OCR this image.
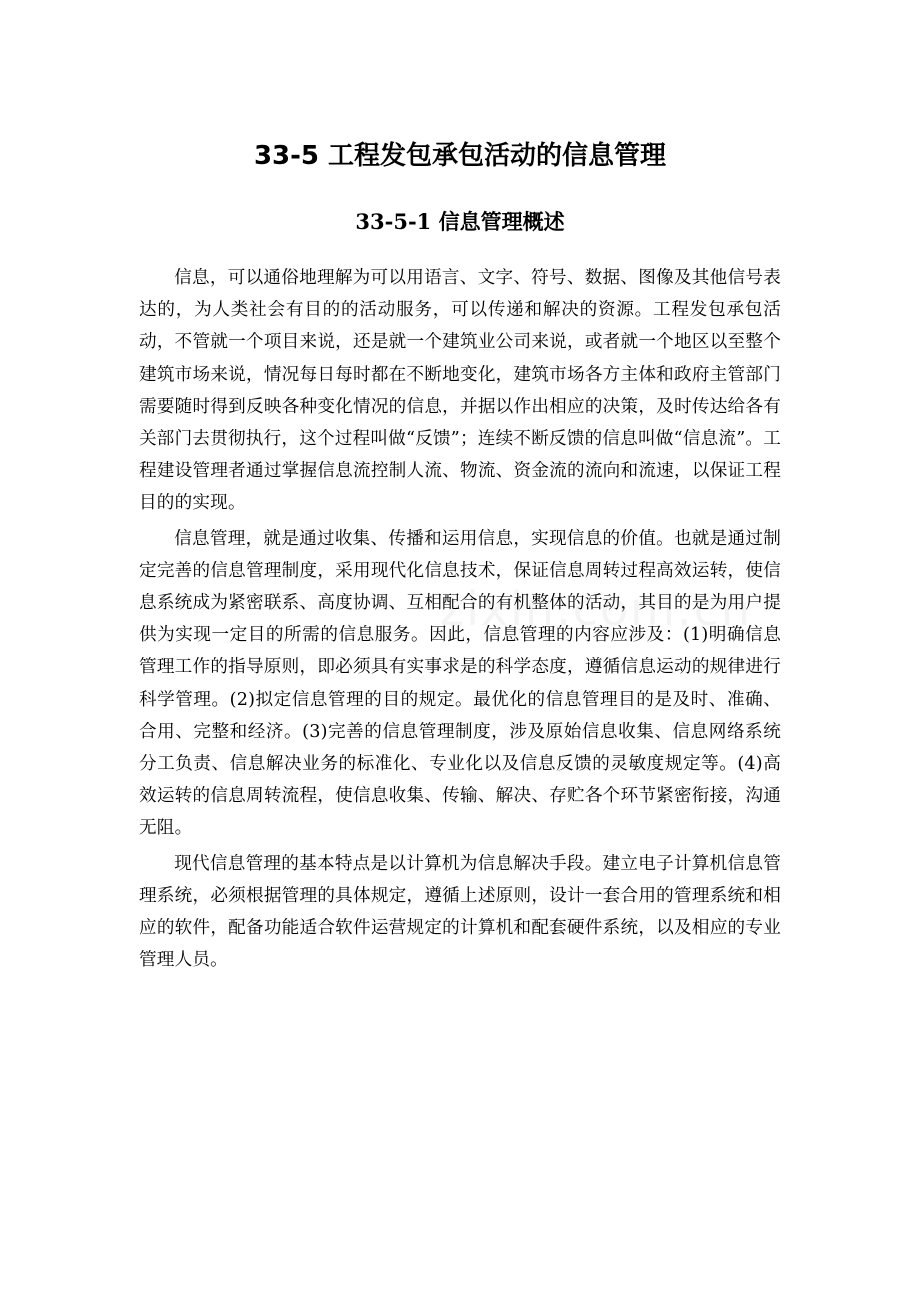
33-5 工程发包承包活动的信息管理
33-5-1 信息管理概述

信息，可以通俗地理解为可以用语言、文字、符号、数据、图像及其他信号表达的，为人类社会有目的的活动服务，可以传递和解决的资源。工程发包承包活动，不管就一个项目来说，还是就一个建筑业公司来说，或者就一个地区以至整个建筑市场来说，情况每日每时都在不断地变化，建筑市场各方主体和政府主管部门需要随时得到反映各种变化情况的信息，并据以作出相应的决策，及时传达给各有关部门去贯彻执行，这个过程叫做“反馈”；连续不断反馈的信息叫做“信息流”。工程建设管理者通过掌握信息流控制人流、物流、资金流的流向和流速，以保证工程目的的实现。

信息管理，就是通过收集、传播和运用信息，实现信息的价值。也就是通过制定完善的信息管理制度，采用现代化信息技术，保证信息周转过程高效运转，使信息系统成为紧密联系、高度协调、互相配合的有机整体的活动，其目的是为用户提供为实现一定目的所需的信息服务。因此，信息管理的内容应涉及：(1)明确信息管理工作的指导原则，即必须具有实事求是的科学态度，遵循信息运动的规律进行科学管理。(2)拟定信息管理的目的规定。最优化的信息管理目的是及时、准确、合用、完整和经济。(3)完善的信息管理制度，涉及原始信息收集、信息网络系统分工负责、信息解决业务的标准化、专业化以及信息反馈的灵敏度规定等。(4)高效运转的信息周转流程，使信息收集、传输、解决、存贮各个环节紧密衔接，沟通无阻。

现代信息管理的基本特点是以计算机为信息解决手段。建立电子计算机信息管理系统，必须根据管理的具体规定，遵循上述原则，设计一套合用的管理系统和相应的软件，配备功能适合软件运营规定的计算机和配套硬件系统，以及相应的专业管理人员。
